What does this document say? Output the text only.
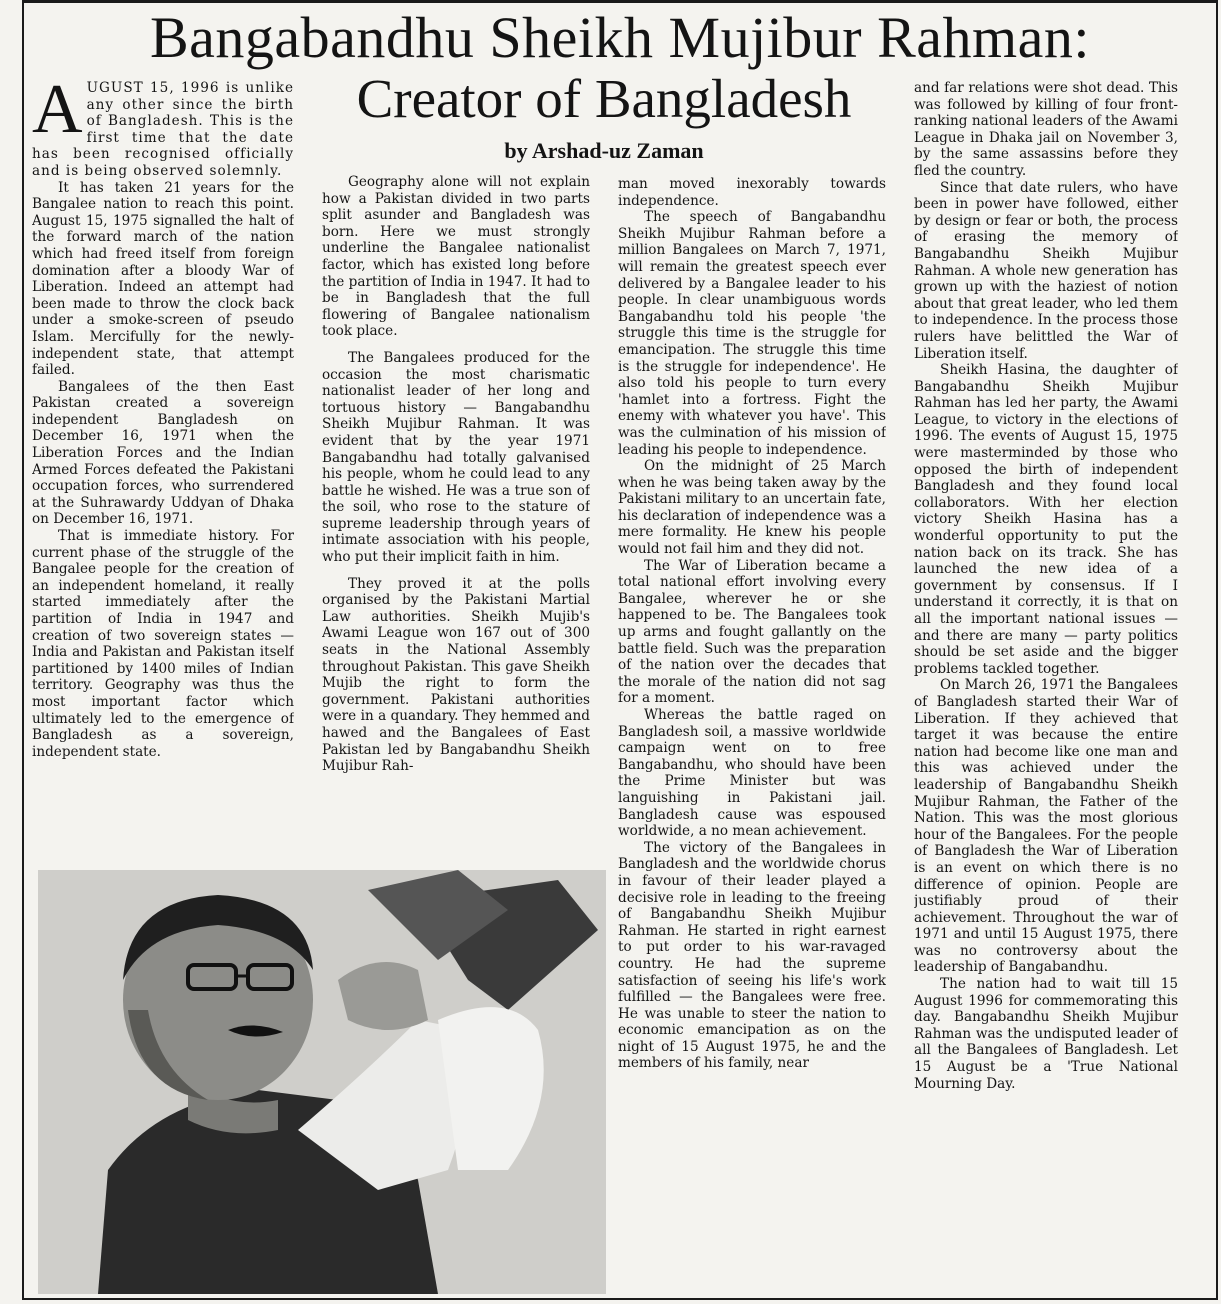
Bangabandhu Sheikh Mujibur Rahman:
Creator of Bangladesh
by Arshad-uz Zaman

AUGUST 15, 1996 is unlike any other since the birth of Bangladesh. This is the first time that the date has been recognised officially and is being observed solemnly.

It has taken 21 years for the Bangalee nation to reach this point. August 15, 1975 signalled the halt of the forward march of the nation which had freed itself from foreign domination after a bloody War of Liberation. Indeed an attempt had been made to throw the clock back under a smoke-screen of pseudo Islam. Mercifully for the newly-independent state, that attempt failed.

Bangalees of the then East Pakistan created a sovereign independent Bangladesh on December 16, 1971 when the Liberation Forces and the Indian Armed Forces defeated the Pakistani occupation forces, who surrendered at the Suhrawardy Uddyan of Dhaka on December 16, 1971.

That is immediate history. For current phase of the struggle of the Bangalee people for the creation of an independent homeland, it really started immediately after the partition of India in 1947 and creation of two sovereign states — India and Pakistan and Pakistan itself partitioned by 1400 miles of Indian territory. Geography was thus the most important factor which ultimately led to the emergence of Bangladesh as a sovereign, independent state.

Geography alone will not explain how a Pakistan divided in two parts split asunder and Bangladesh was born. Here we must strongly underline the Bangalee nationalist factor, which has existed long before the partition of India in 1947. It had to be in Bangladesh that the full flowering of Bangalee nationalism took place.

The Bangalees produced for the occasion the most charismatic nationalist leader of her long and tortuous history — Bangabandhu Sheikh Mujibur Rahman. It was evident that by the year 1971 Bangabandhu had totally galvanised his people, whom he could lead to any battle he wished. He was a true son of the soil, who rose to the stature of supreme leadership through years of intimate association with his people, who put their implicit faith in him.

They proved it at the polls organised by the Pakistani Martial Law authorities. Sheikh Mujib's Awami League won 167 out of 300 seats in the National Assembly throughout Pakistan. This gave Sheikh Mujib the right to form the government. Pakistani authorities were in a quandary. They hemmed and hawed and the Bangalees of East Pakistan led by Bangabandhu Sheikh Mujibur Rah-

man moved inexorably towards independence.

The speech of Bangabandhu Sheikh Mujibur Rahman before a million Bangalees on March 7, 1971, will remain the greatest speech ever delivered by a Bangalee leader to his people. In clear unambiguous words Bangabandhu told his people 'the struggle this time is the struggle for emancipation. The struggle this time is the struggle for independence'. He also told his people to turn every 'hamlet into a fortress. Fight the enemy with whatever you have'. This was the culmination of his mission of leading his people to independence.

On the midnight of 25 March when he was being taken away by the Pakistani military to an uncertain fate, his declaration of independence was a mere formality. He knew his people would not fail him and they did not.

The War of Liberation became a total national effort involving every Bangalee, wherever he or she happened to be. The Bangalees took up arms and fought gallantly on the battle field. Such was the preparation of the nation over the decades that the morale of the nation did not sag for a moment.

Whereas the battle raged on Bangladesh soil, a massive worldwide campaign went on to free Bangabandhu, who should have been the Prime Minister but was languishing in Pakistani jail. Bangladesh cause was espoused worldwide, a no mean achievement.

The victory of the Bangalees in Bangladesh and the worldwide chorus in favour of their leader played a decisive role in leading to the freeing of Bangabandhu Sheikh Mujibur Rahman. He started in right earnest to put order to his war-ravaged country. He had the supreme satisfaction of seeing his life's work fulfilled — the Bangalees were free. He was unable to steer the nation to economic emancipation as on the night of 15 August 1975, he and the members of his family, near

and far relations were shot dead. This was followed by killing of four front-ranking national leaders of the Awami League in Dhaka jail on November 3, by the same assassins before they fled the country.

Since that date rulers, who have been in power have followed, either by design or fear or both, the process of erasing the memory of Bangabandhu Sheikh Mujibur Rahman. A whole new generation has grown up with the haziest of notion about that great leader, who led them to independence. In the process those rulers have belittled the War of Liberation itself.

Sheikh Hasina, the daughter of Bangabandhu Sheikh Mujibur Rahman has led her party, the Awami League, to victory in the elections of 1996. The events of August 15, 1975 were masterminded by those who opposed the birth of independent Bangladesh and they found local collaborators. With her election victory Sheikh Hasina has a wonderful opportunity to put the nation back on its track. She has launched the new idea of a government by consensus. If I understand it correctly, it is that on all the important national issues — and there are many — party politics should be set aside and the bigger problems tackled together.

On March 26, 1971 the Bangalees of Bangladesh started their War of Liberation. If they achieved that target it was because the entire nation had become like one man and this was achieved under the leadership of Bangabandhu Sheikh Mujibur Rahman, the Father of the Nation. This was the most glorious hour of the Bangalees. For the people of Bangladesh the War of Liberation is an event on which there is no difference of opinion. People are justifiably proud of their achievement. Throughout the war of 1971 and until 15 August 1975, there was no controversy about the leadership of Bangabandhu.

The nation had to wait till 15 August 1996 for commemorating this day. Bangabandhu Sheikh Mujibur Rahman was the undisputed leader of all the Bangalees of Bangladesh. Let 15 August be a 'True National Mourning Day.
